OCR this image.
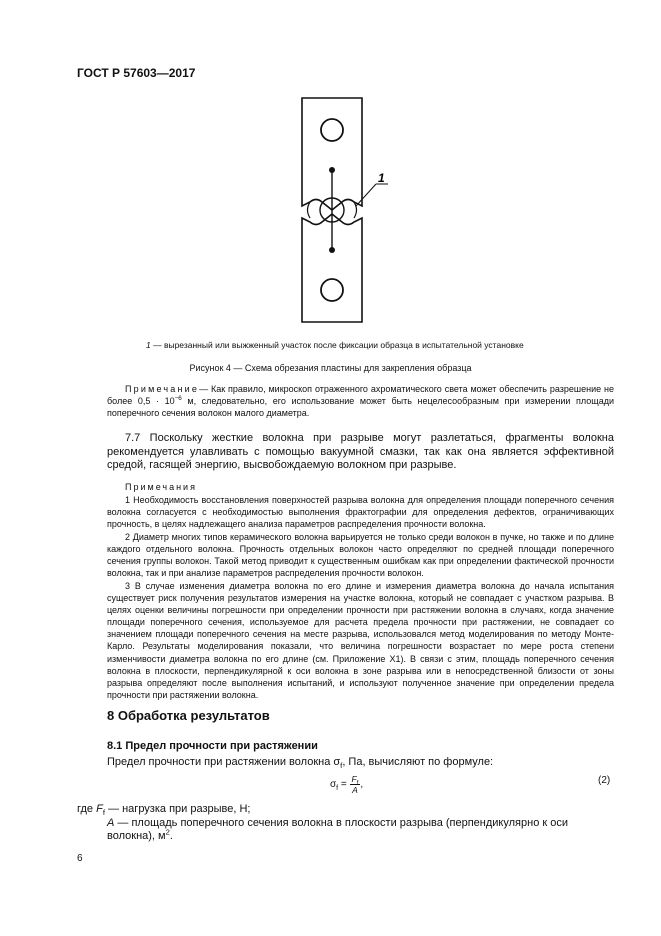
ГОСТ Р 57603—2017
1
1 — вырезанный или выжженный участок после фиксации образца в испытательной установке
Рисунок 4 — Схема обрезания пластины для закрепления образца
Примечание— Как правило, микроскоп отраженного ахроматического света может обеспечить разрешение не более $0,5 \cdot 10^{-6}$ м, следовательно, его использование может быть нецелесообразным при измерении площади поперечного сечения волокон малого диаметра.
7.7 Поскольку жесткие волокна при разрыве могут разлетаться, фрагменты волокна рекомендуется улавливать с помощью вакуумной смазки, так как она является эффективной средой, гасящей энергию, высвобождаемую волокном при разрыве.
Примечания
1 Необходимость восстановления поверхностей разрыва волокна для определения площади поперечного сечения волокна согласуется с необходимостью выполнения фрактографии для определения дефектов, ограничивающих прочность, в целях надлежащего анализа параметров распределения прочности волокна.
2 Диаметр многих типов керамического волокна варьируется не только среди волокон в пучке, но также и по длине каждого отдельного волокна. Прочность отдельных волокон часто определяют по средней площади поперечного сечения группы волокон. Такой метод приводит к существенным ошибкам как при определении фактической прочности волокна, так и при анализе параметров распределения прочности волокон.
3 В случае изменения диаметра волокна по его длине и измерения диаметра волокна до начала испытания существует риск получения результатов измерения на участке волокна, который не совпадает с участком разрыва. В целях оценки величины погрешности при определении прочности при растяжении волокна в случаях, когда значение площади поперечного сечения, используемое для расчета предела прочности при растяжении, не совпадает со значением площади поперечного сечения на месте разрыва, использовался метод моделирования по методу Монте-Карло. Результаты моделирования показали, что величина погрешности возрастает по мере роста степени изменчивости диаметра волокна по его длине (см. Приложение Х1). В связи с этим, площадь поперечного сечения волокна в плоскости, перпендикулярной к оси волокна в зоне разрыва или в непосредственной близости от зоны разрыва определяют после выполнения испытаний, и используют полученное значение при определении предела прочности при растяжении волокна.
8 Обработка результатов
8.1 Предел прочности при растяжении
Предел прочности при растяжении волокна $\sigma_f$, Па, вычисляют по формуле:
$\sigma_f = \frac{F_f}{A}$ ,	(2)
где $F_f$ — нагрузка при разрыве, Н;
A — площадь поперечного сечения волокна в плоскости разрыва (перпендикулярно к оси волокна), $м^2$.
6
